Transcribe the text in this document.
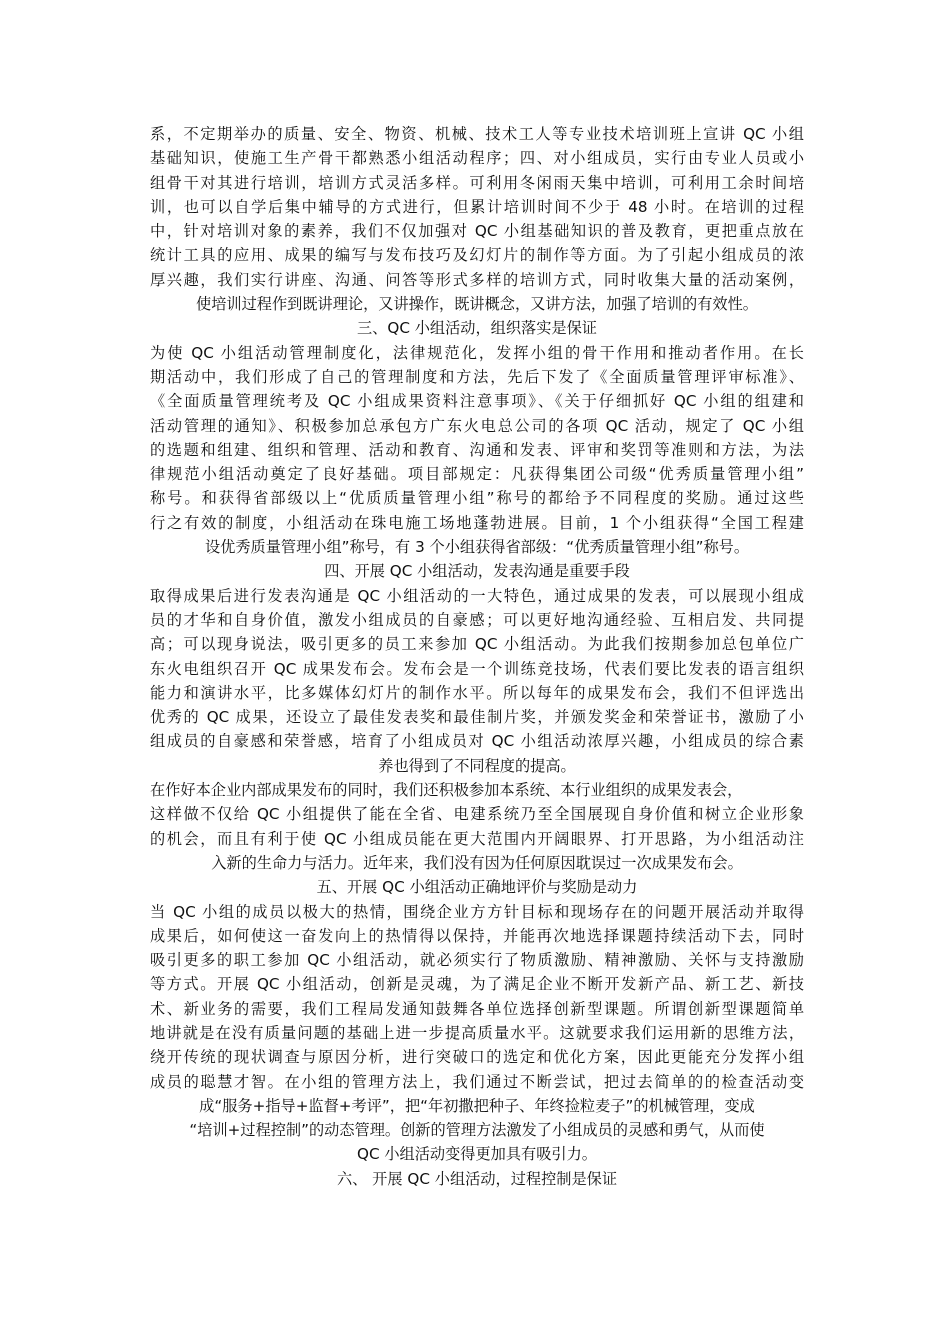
系，不定期举办的质量、安全、物资、机械、技术工人等专业技术培训班上宣讲 QC 小组
基础知识，使施工生产骨干都熟悉小组活动程序；四、对小组成员，实行由专业人员或小
组骨干对其进行培训，培训方式灵活多样。可利用冬闲雨天集中培训，可利用工余时间培
训，也可以自学后集中辅导的方式进行，但累计培训时间不少于 48 小时。在培训的过程
中，针对培训对象的素养，我们不仅加强对 QC 小组基础知识的普及教育，更把重点放在
统计工具的应用、成果的编写与发布技巧及幻灯片的制作等方面。为了引起小组成员的浓
厚兴趣，我们实行讲座、沟通、问答等形式多样的培训方式，同时收集大量的活动案例，
使培训过程作到既讲理论，又讲操作，既讲概念，又讲方法，加强了培训的有效性。
三、QC 小组活动，组织落实是保证
为使 QC 小组活动管理制度化，法律规范化，发挥小组的骨干作用和推动者作用。在长
期活动中，我们形成了自己的管理制度和方法，先后下发了《全面质量管理评审标准》、
《全面质量管理统考及 QC 小组成果资料注意事项》、《关于仔细抓好 QC 小组的组建和
活动管理的通知》、积极参加总承包方广东火电总公司的各项 QC 活动，规定了 QC 小组
的选题和组建、组织和管理、活动和教育、沟通和发表、评审和奖罚等准则和方法，为法
律规范小组活动奠定了良好基础。项目部规定：凡获得集团公司级“优秀质量管理小组”
称号。和获得省部级以上“优质质量管理小组”称号的都给予不同程度的奖励。通过这些
行之有效的制度，小组活动在珠电施工场地蓬勃进展。目前，1 个小组获得“全国工程建
设优秀质量管理小组”称号，有 3 个小组获得省部级：“优秀质量管理小组”称号。
四、开展 QC 小组活动，发表沟通是重要手段
取得成果后进行发表沟通是 QC 小组活动的一大特色，通过成果的发表，可以展现小组成
员的才华和自身价值，激发小组成员的自豪感；可以更好地沟通经验、互相启发、共同提
高；可以现身说法，吸引更多的员工来参加 QC 小组活动。为此我们按期参加总包单位广
东火电组织召开 QC 成果发布会。发布会是一个训练竞技场，代表们要比发表的语言组织
能力和演讲水平，比多媒体幻灯片的制作水平。所以每年的成果发布会，我们不但评选出
优秀的 QC 成果，还设立了最佳发表奖和最佳制片奖，并颁发奖金和荣誉证书，激励了小
组成员的自豪感和荣誉感，培育了小组成员对 QC 小组活动浓厚兴趣，小组成员的综合素
养也得到了不同程度的提高。
在作好本企业内部成果发布的同时，我们还积极参加本系统、本行业组织的成果发表会，
这样做不仅给 QC 小组提供了能在全省、电建系统乃至全国展现自身价值和树立企业形象
的机会，而且有利于使 QC 小组成员能在更大范围内开阔眼界、打开思路，为小组活动注
入新的生命力与活力。近年来，我们没有因为任何原因耽误过一次成果发布会。
五、开展 QC 小组活动正确地评价与奖励是动力
当 QC 小组的成员以极大的热情，围绕企业方方针目标和现场存在的问题开展活动并取得
成果后，如何使这一奋发向上的热情得以保持，并能再次地选择课题持续活动下去，同时
吸引更多的职工参加 QC 小组活动，就必须实行了物质激励、精神激励、关怀与支持激励
等方式。开展 QC 小组活动，创新是灵魂，为了满足企业不断开发新产品、新工艺、新技
术、新业务的需要，我们工程局发通知鼓舞各单位选择创新型课题。所谓创新型课题简单
地讲就是在没有质量问题的基础上进一步提高质量水平。这就要求我们运用新的思维方法，
绕开传统的现状调查与原因分析，进行突破口的选定和优化方案，因此更能充分发挥小组
成员的聪慧才智。在小组的管理方法上，我们通过不断尝试，把过去简单的的检查活动变
成“服务+指导+监督+考评”，把“年初撒把种子、年终捡粒麦子”的机械管理，变成
“培训+过程控制”的动态管理。创新的管理方法激发了小组成员的灵感和勇气，从而使
QC 小组活动变得更加具有吸引力。
六、 开展 QC 小组活动，过程控制是保证
